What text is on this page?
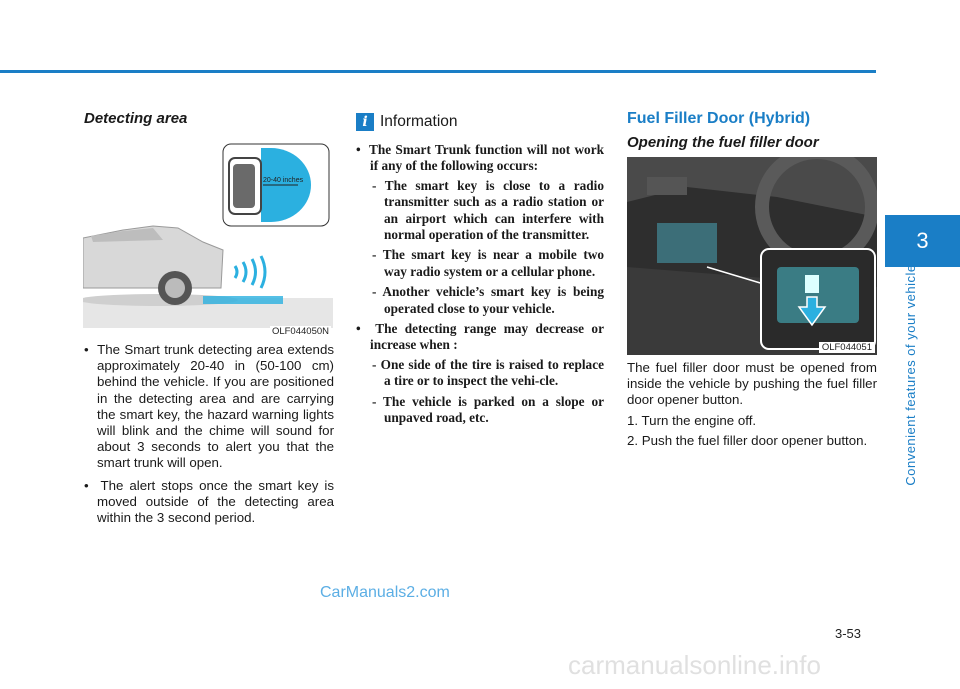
3
Convenient features of your vehicle
Detecting area
20-40 inches
OLF044050N
•  The Smart trunk detecting area extends approximately 20-40 in (50-100 cm) behind the vehicle. If you are positioned in the detecting area and are carrying the smart key, the hazard warning lights will blink and the chime will sound for about 3 seconds to alert you that the smart trunk will open.
•  The alert stops once the smart key is moved outside of the detecting area within the 3 second period.
i Information
•  The Smart Trunk function will not work if any of the following occurs:
- The smart key is close to a radio transmitter such as a radio station or an airport which can interfere with normal operation of the transmitter.
- The smart key is near a mobile two way radio system or a cellular phone.
- Another vehicle’s smart key is being operated close to your vehicle.
•  The detecting range may decrease or increase when :
- One side of the tire is raised to replace a tire or to inspect the vehi-cle.
- The vehicle is parked on a slope or unpaved road, etc.
Fuel Filler Door (Hybrid)
Opening the fuel filler door
OLF044051

The fuel filler door must be opened from inside the vehicle by pushing the fuel filler door opener button.

1. Turn the engine off.
2. Push the fuel filler door opener button.
3-53
CarManuals2.com
carmanualsonline.info
